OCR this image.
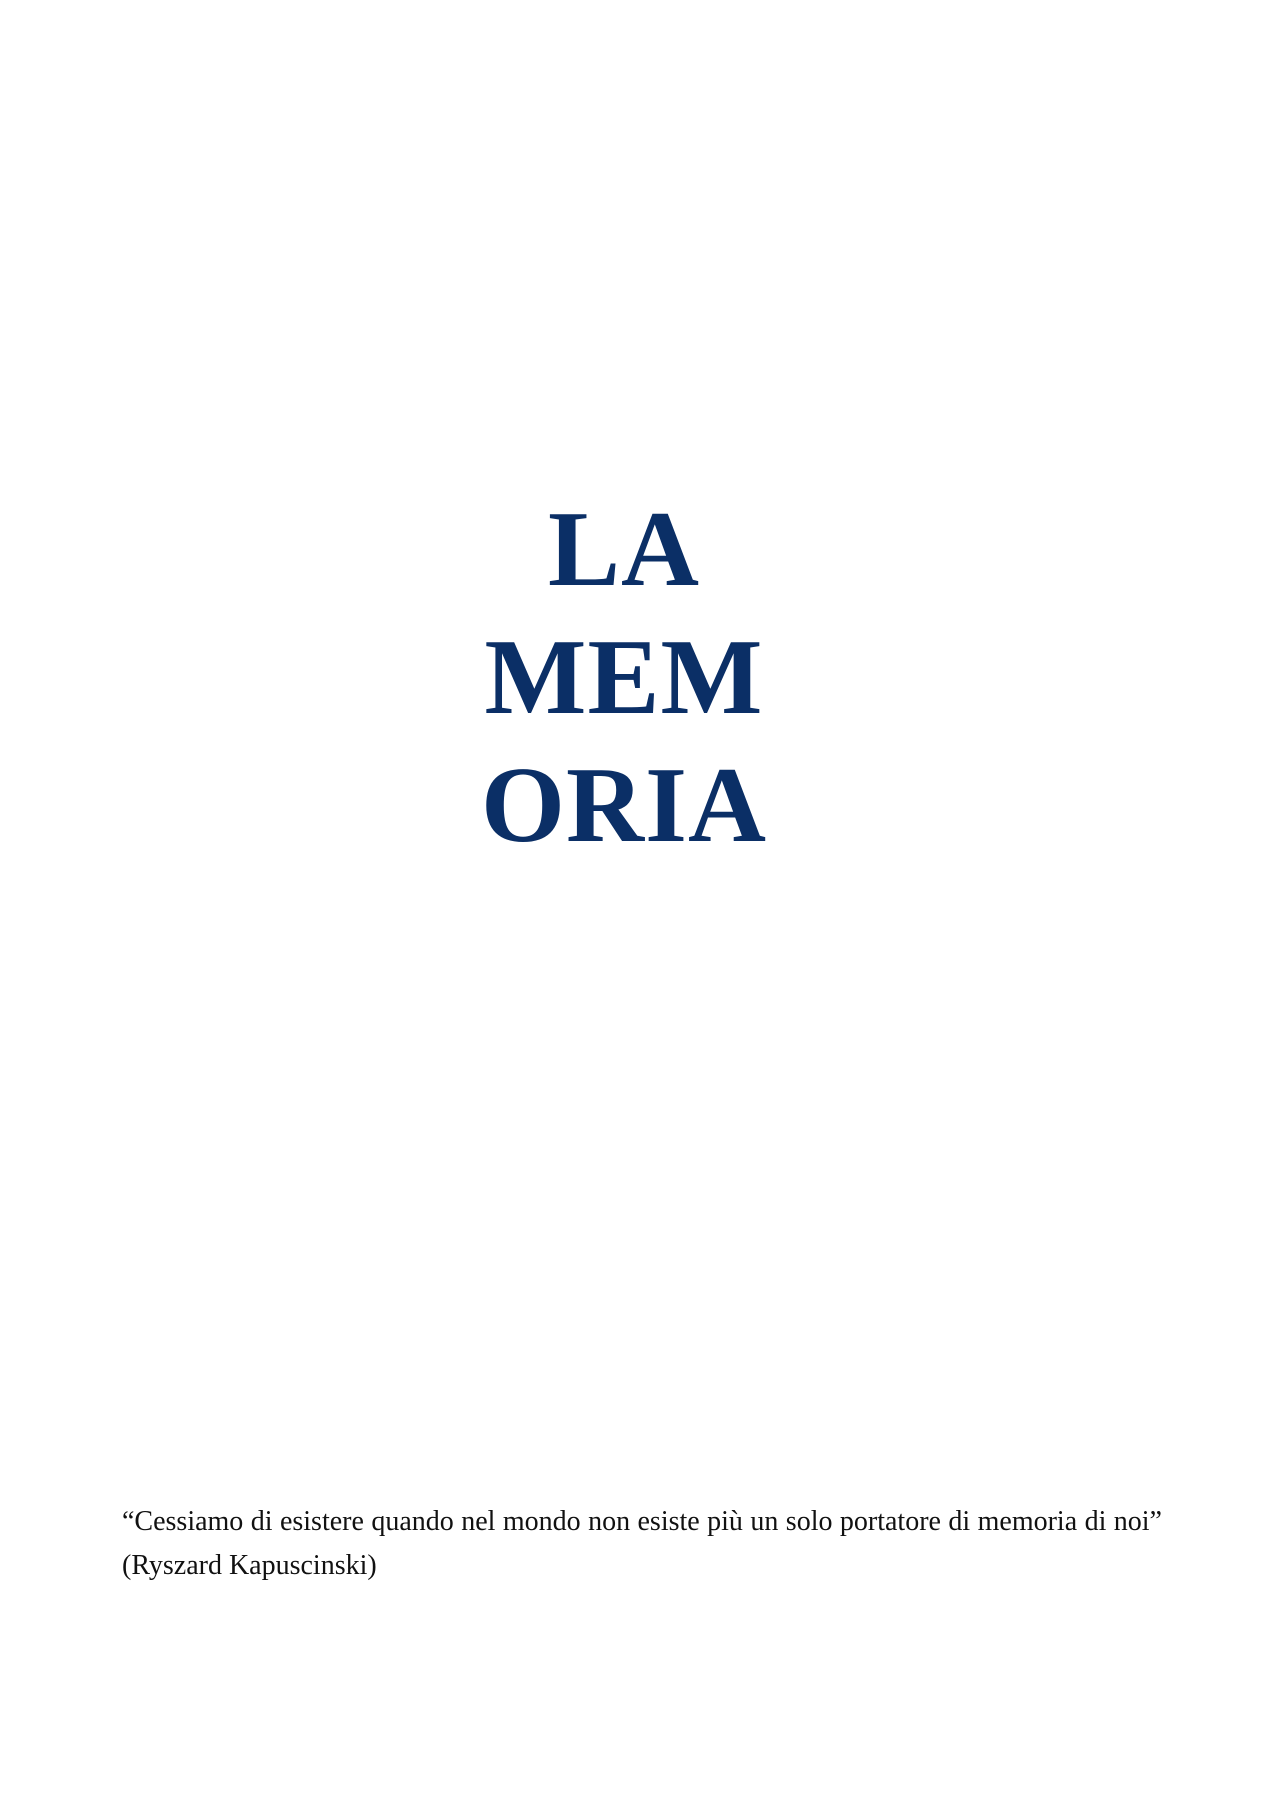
LA
MEM
ORIA

“Cessiamo di esistere quando nel mondo non esiste più un solo portatore di memoria di noi” (Ryszard Kapuscinski)
